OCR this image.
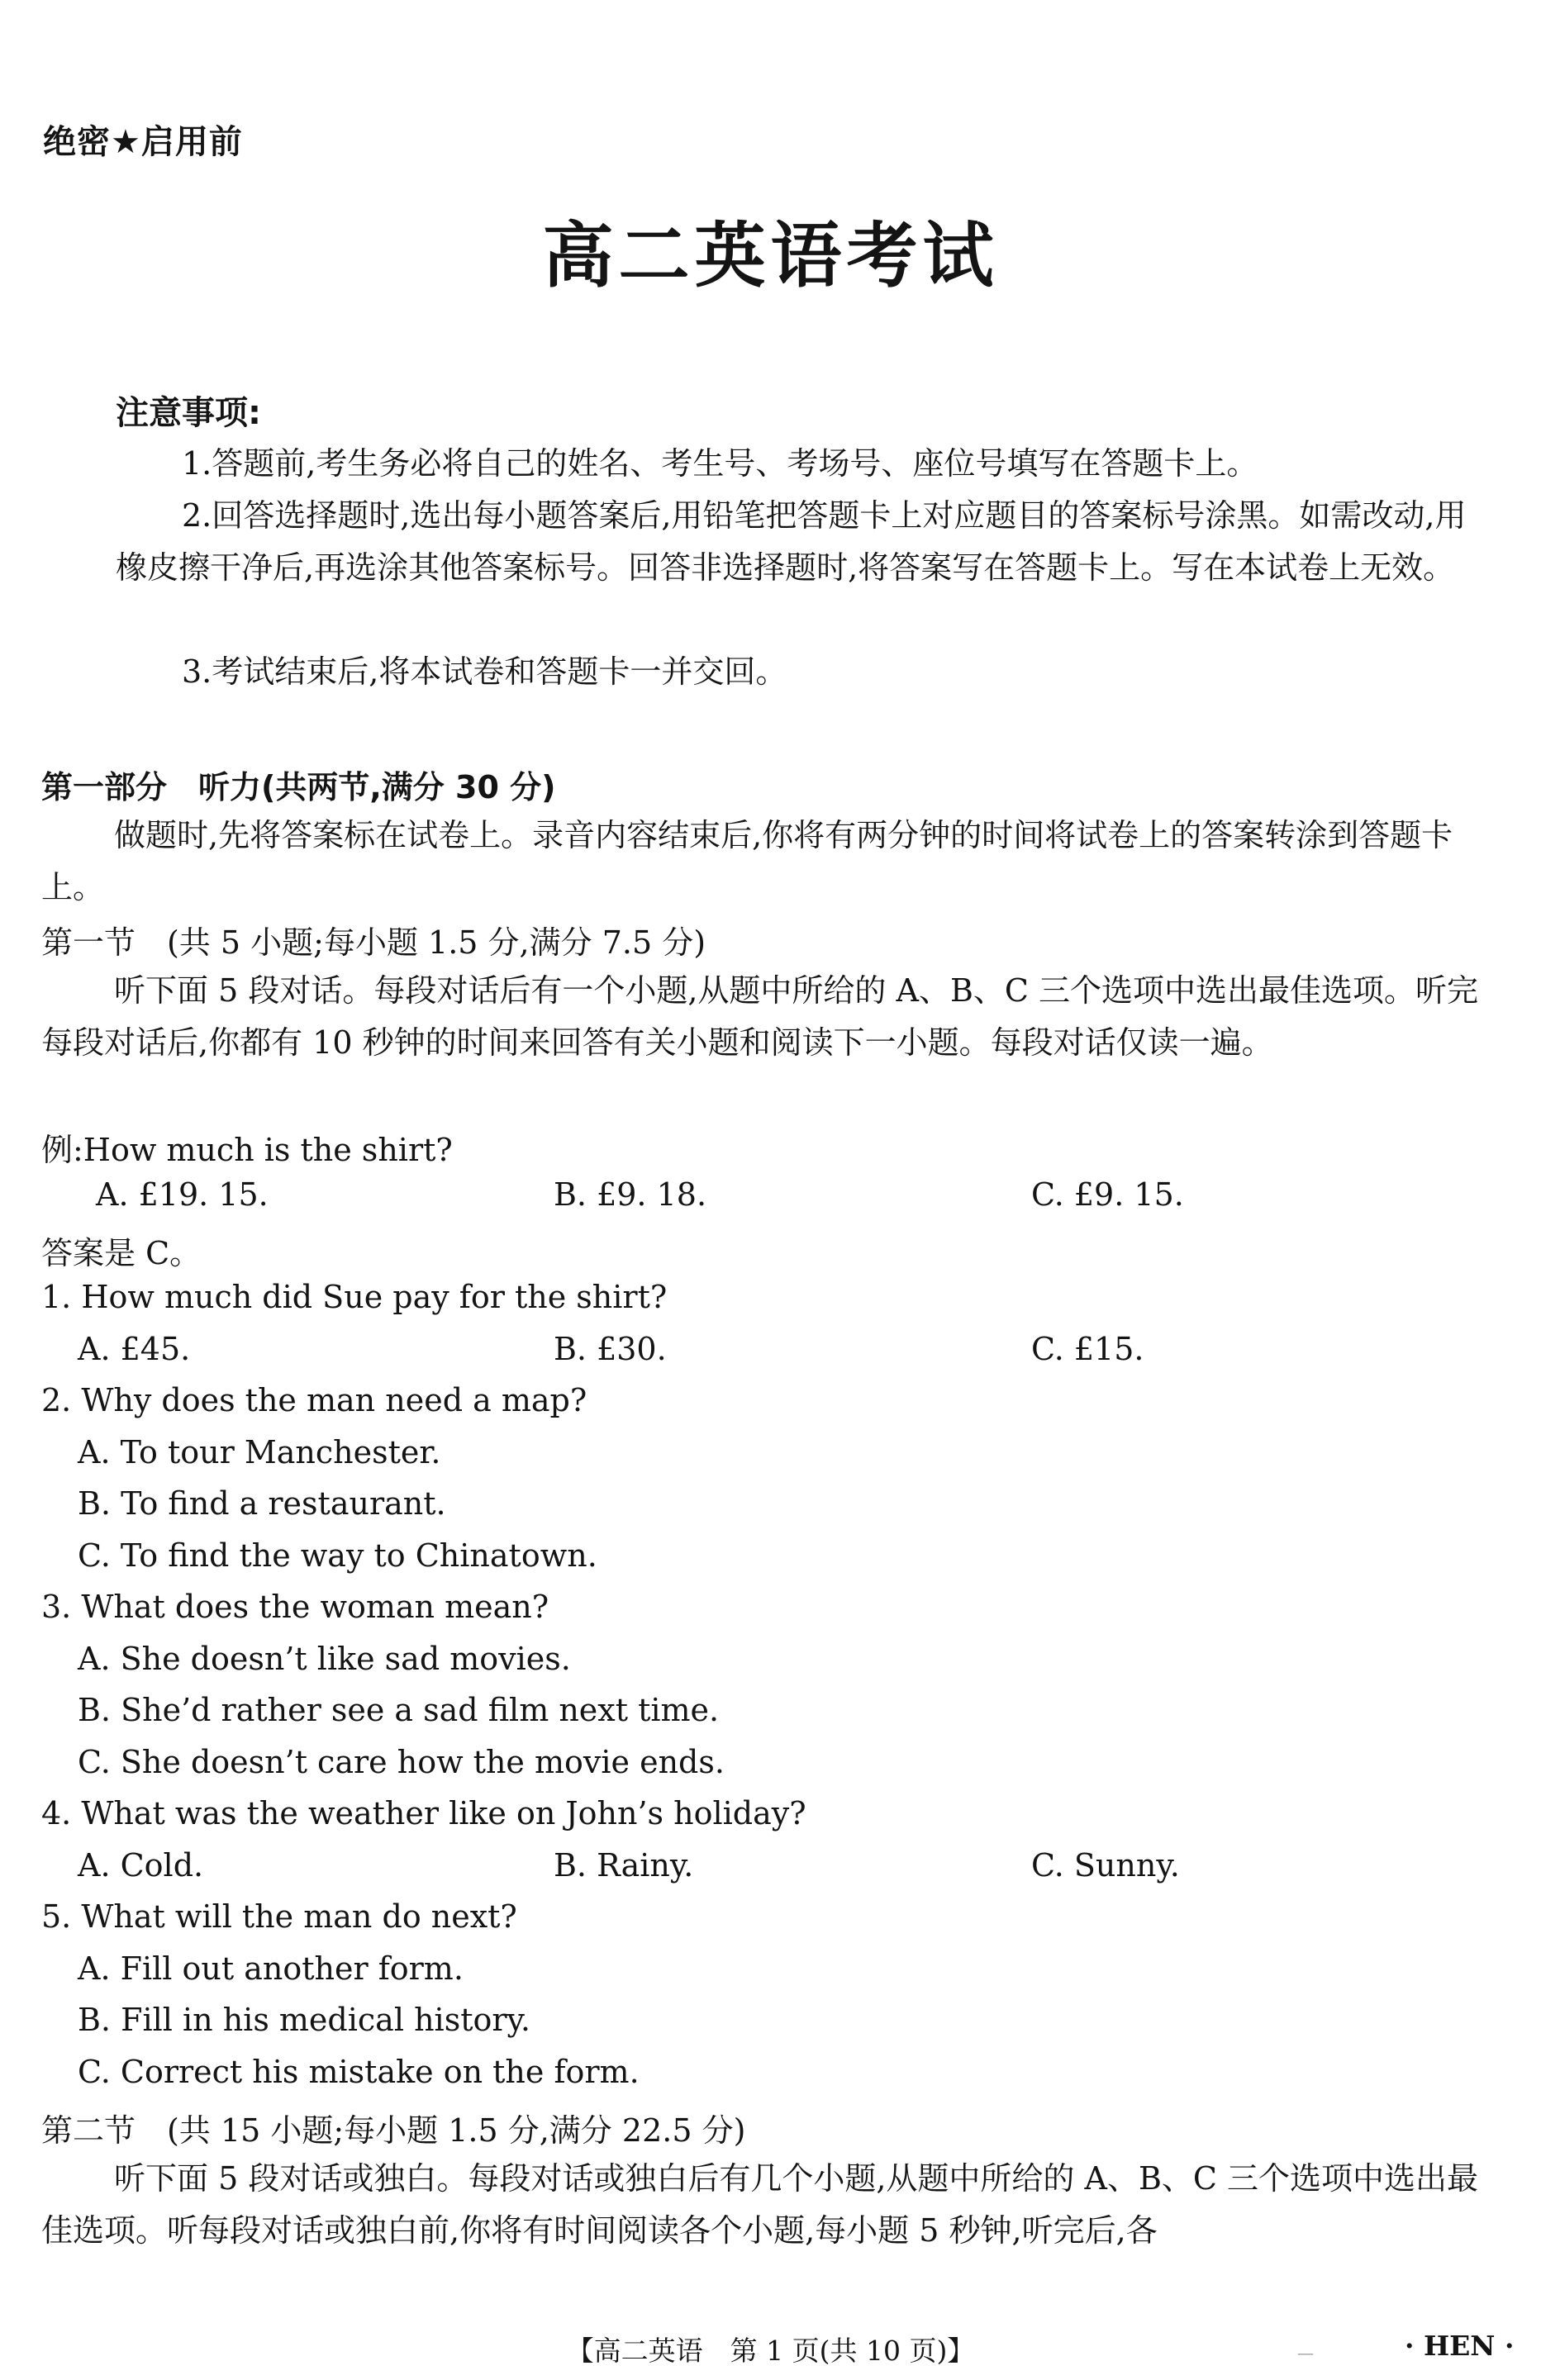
绝密★启用前
高二英语考试
注意事项:
1.答题前,考生务必将自己的姓名、考生号、考场号、座位号填写在答题卡上。
2.回答选择题时,选出每小题答案后,用铅笔把答题卡上对应题目的答案标号涂黑。如需改动,用橡皮擦干净后,再选涂其他答案标号。回答非选择题时,将答案写在答题卡上。写在本试卷上无效。
3.考试结束后,将本试卷和答题卡一并交回。
第一部分　听力(共两节,满分 30 分)
做题时,先将答案标在试卷上。录音内容结束后,你将有两分钟的时间将试卷上的答案转涂到答题卡上。
第一节　(共 5 小题;每小题 1.5 分,满分 7.5 分)
听下面 5 段对话。每段对话后有一个小题,从题中所给的 A、B、C 三个选项中选出最佳选项。听完每段对话后,你都有 10 秒钟的时间来回答有关小题和阅读下一小题。每段对话仅读一遍。
例:How much is the shirt?
A. £19. 15.	B. £9. 18.	C. £9. 15.
答案是 C。
1. How much did Sue pay for the shirt?
A. £45.	B. £30.	C. £15.
2. Why does the man need a map?
A. To tour Manchester.
B. To find a restaurant.
C. To find the way to Chinatown.
3. What does the woman mean?
A. She doesn’t like sad movies.
B. She’d rather see a sad film next time.
C. She doesn’t care how the movie ends.
4. What was the weather like on John’s holiday?
A. Cold.	B. Rainy.	C. Sunny.
5. What will the man do next?
A. Fill out another form.
B. Fill in his medical history.
C. Correct his mistake on the form.
第二节　(共 15 小题;每小题 1.5 分,满分 22.5 分)
听下面 5 段对话或独白。每段对话或独白后有几个小题,从题中所给的 A、B、C 三个选项中选出最佳选项。听每段对话或独白前,你将有时间阅读各个小题,每小题 5 秒钟,听完后,各
—
【高二英语　第 1 页(共 10 页)】	· HEN ·
